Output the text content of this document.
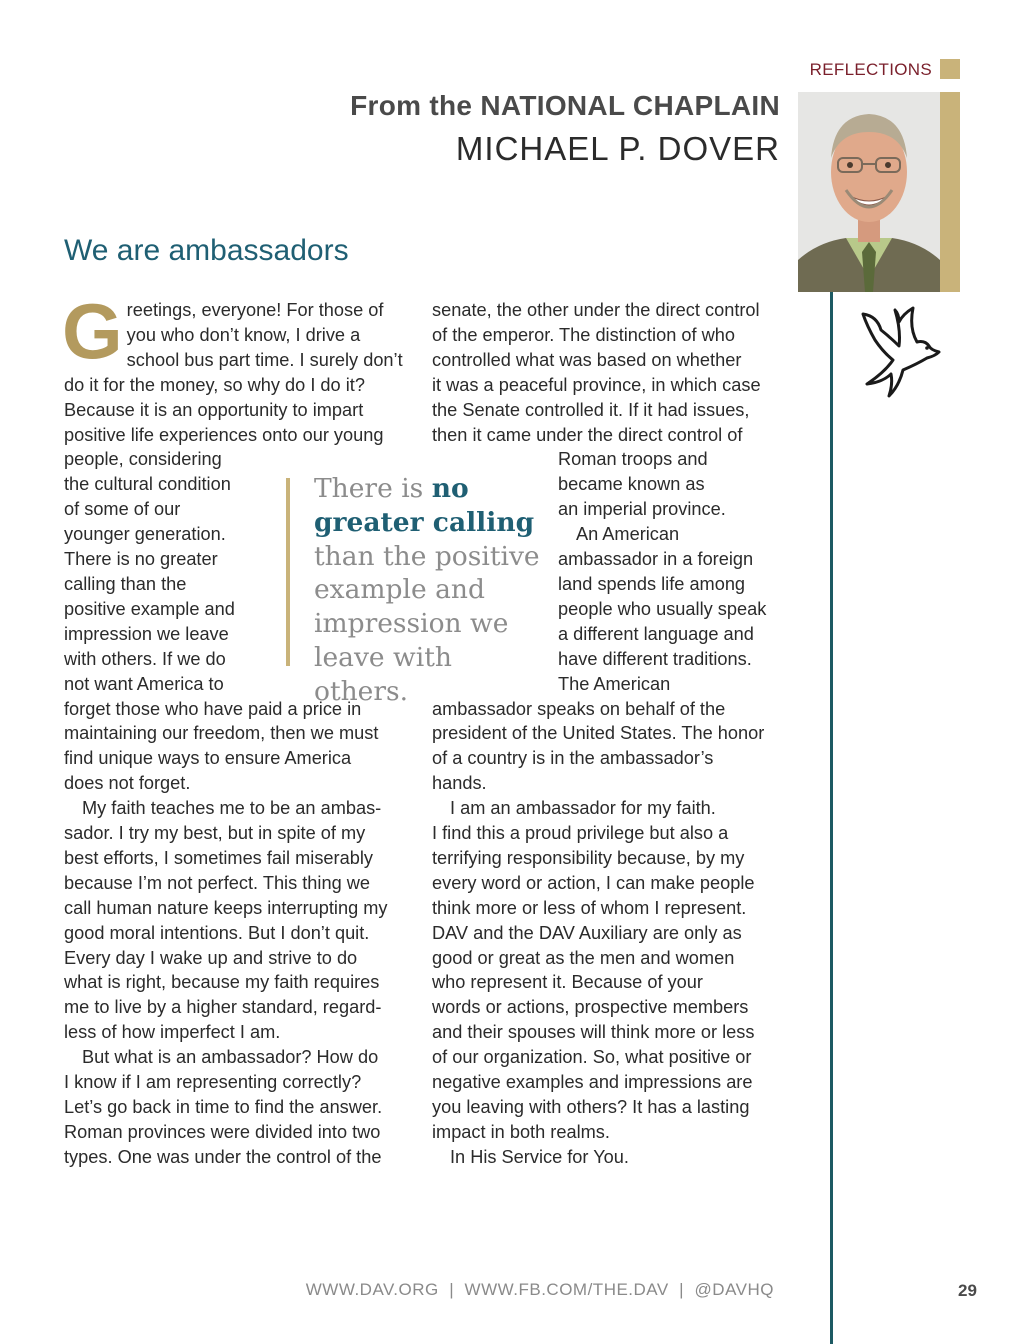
REFLECTIONS
From the NATIONAL CHAPLAIN
MICHAEL P. DOVER
We are ambassadors
G reetings, everyone! For those of

you who don’t know, I drive a

school bus part time. I surely don’t

do it for the money, so why do I do it?

Because it is an opportunity to impart

positive life experiences onto our young

people, considering

the cultural condition

of some of our

younger generation.

There is no greater

calling than the

positive example and

impression we leave

with others. If we do

not want America to

forget those who have paid a price in

maintaining our freedom, then we must

find unique ways to ensure America

does not forget.

My faith teaches me to be an ambas-

sador. I try my best, but in spite of my

best efforts, I sometimes fail miserably

because I’m not perfect. This thing we

call human nature keeps interrupting my

good moral intentions. But I don’t quit.

Every day I wake up and strive to do

what is right, because my faith requires

me to live by a higher standard, regard-

less of how imperfect I am.

But what is an ambassador? How do

I know if I am representing correctly?

Let’s go back in time to find the answer.

Roman provinces were divided into two

types. One was under the control of the

There is no
greater calling
than the positive
example and
impression we
leave with others.

senate, the other under the direct control

of the emperor. The distinction of who

controlled what was based on whether

it was a peaceful province, in which case

the Senate controlled it. If it had issues,

then it came under the direct control of

Roman troops and

became known as

an imperial province.

An American

ambassador in a foreign

land spends life among

people who usually speak

a different language and

have different traditions.

The American

ambassador speaks on behalf of the

president of the United States. The honor

of a country is in the ambassador’s

hands.

I am an ambassador for my faith.

I find this a proud privilege but also a

terrifying responsibility because, by my

every word or action, I can make people

think more or less of whom I represent.

DAV and the DAV Auxiliary are only as

good or great as the men and women

who represent it. Because of your

words or actions, prospective members

and their spouses will think more or less

of our organization. So, what positive or

negative examples and impressions are

you leaving with others? It has a lasting

impact in both realms.

In His Service for You.

WWW.DAV.ORG  |  WWW.FB.COM/THE.DAV  |  @DAVHQ	29
